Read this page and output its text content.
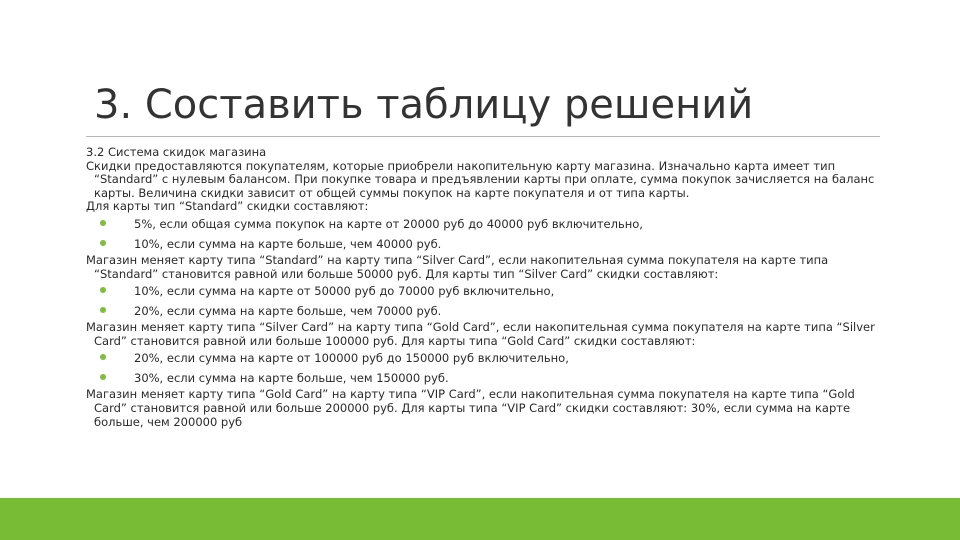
3. Составить таблицу решений

3.2 Система скидок магазина

Скидки предоставляются покупателям, которые приобрели накопительную карту магазина. Изначально карта имеет тип “Standard” с нулевым балансом. При покупке товара и предъявлении карты при оплате, сумма покупок зачисляется на баланс карты. Величина скидки зависит от общей суммы покупок на карте покупателя и от типа карты.

Для карты тип “Standard” скидки составляют:

5%, если общая сумма покупок на карте от 20000 руб до 40000 руб включительно,
10%, если сумма на карте больше, чем 40000 руб.

Магазин меняет карту типа “Standard” на карту типа “Silver Card”, если накопительная сумма покупателя на карте типа “Standard” становится равной или больше 50000 руб. Для карты тип “Silver Card” скидки составляют:

10%, если сумма на карте от 50000 руб до 70000 руб включительно,
20%, если сумма на карте больше, чем 70000 руб.

Магазин меняет карту типа “Silver Card” на карту типа “Gold Card”, если накопительная сумма покупателя на карте типа “Silver Card” становится равной или больше 100000 руб. Для карты типа “Gold Card” скидки составляют:

20%, если сумма на карте от 100000 руб до 150000 руб включительно,
30%, если сумма на карте больше, чем 150000 руб.

Магазин меняет карту типа “Gold Card” на карту типа “VIP Card”, если накопительная сумма покупателя на карте типа “Gold Card” становится равной или больше 200000 руб. Для карты типа “VIP Card” скидки составляют: 30%, если сумма на карте больше, чем 200000 руб
